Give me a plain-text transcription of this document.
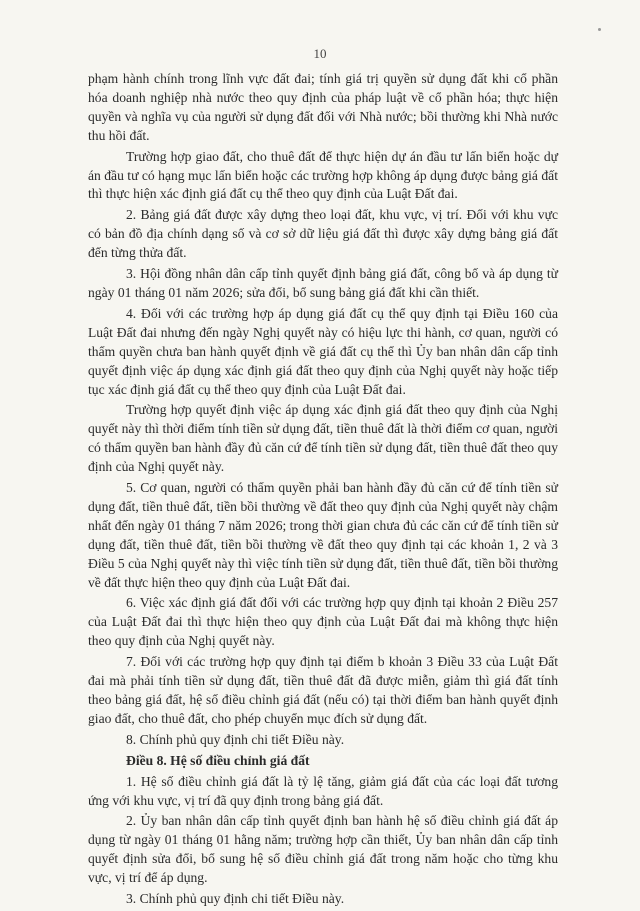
10

phạm hành chính trong lĩnh vực đất đai; tính giá trị quyền sử dụng đất khi cổ phần hóa doanh nghiệp nhà nước theo quy định của pháp luật về cổ phần hóa; thực hiện quyền và nghĩa vụ của người sử dụng đất đối với Nhà nước; bồi thường khi Nhà nước thu hồi đất.

Trường hợp giao đất, cho thuê đất để thực hiện dự án đầu tư lấn biển hoặc dự án đầu tư có hạng mục lấn biển hoặc các trường hợp không áp dụng được bảng giá đất thì thực hiện xác định giá đất cụ thể theo quy định của Luật Đất đai.

2. Bảng giá đất được xây dựng theo loại đất, khu vực, vị trí. Đối với khu vực có bản đồ địa chính dạng số và cơ sở dữ liệu giá đất thì được xây dựng bảng giá đất đến từng thửa đất.

3. Hội đồng nhân dân cấp tỉnh quyết định bảng giá đất, công bố và áp dụng từ ngày 01 tháng 01 năm 2026; sửa đổi, bổ sung bảng giá đất khi cần thiết.

4. Đối với các trường hợp áp dụng giá đất cụ thể quy định tại Điều 160 của Luật Đất đai nhưng đến ngày Nghị quyết này có hiệu lực thi hành, cơ quan, người có thẩm quyền chưa ban hành quyết định về giá đất cụ thể thì Ủy ban nhân dân cấp tỉnh quyết định việc áp dụng xác định giá đất theo quy định của Nghị quyết này hoặc tiếp tục xác định giá đất cụ thể theo quy định của Luật Đất đai.

Trường hợp quyết định việc áp dụng xác định giá đất theo quy định của Nghị quyết này thì thời điểm tính tiền sử dụng đất, tiền thuê đất là thời điểm cơ quan, người có thẩm quyền ban hành đầy đủ căn cứ để tính tiền sử dụng đất, tiền thuê đất theo quy định của Nghị quyết này.

5. Cơ quan, người có thẩm quyền phải ban hành đầy đủ căn cứ để tính tiền sử dụng đất, tiền thuê đất, tiền bồi thường về đất theo quy định của Nghị quyết này chậm nhất đến ngày 01 tháng 7 năm 2026; trong thời gian chưa đủ các căn cứ để tính tiền sử dụng đất, tiền thuê đất, tiền bồi thường về đất theo quy định tại các khoản 1, 2 và 3 Điều 5 của Nghị quyết này thì việc tính tiền sử dụng đất, tiền thuê đất, tiền bồi thường về đất thực hiện theo quy định của Luật Đất đai.

6. Việc xác định giá đất đối với các trường hợp quy định tại khoản 2 Điều 257 của Luật Đất đai thì thực hiện theo quy định của Luật Đất đai mà không thực hiện theo quy định của Nghị quyết này.

7. Đối với các trường hợp quy định tại điểm b khoản 3 Điều 33 của Luật Đất đai mà phải tính tiền sử dụng đất, tiền thuê đất đã được miễn, giảm thì giá đất tính theo bảng giá đất, hệ số điều chỉnh giá đất (nếu có) tại thời điểm ban hành quyết định giao đất, cho thuê đất, cho phép chuyển mục đích sử dụng đất.

8. Chính phủ quy định chi tiết Điều này.

Điều 8. Hệ số điều chỉnh giá đất

1. Hệ số điều chỉnh giá đất là tỷ lệ tăng, giảm giá đất của các loại đất tương ứng với khu vực, vị trí đã quy định trong bảng giá đất.

2. Ủy ban nhân dân cấp tỉnh quyết định ban hành hệ số điều chỉnh giá đất áp dụng từ ngày 01 tháng 01 hằng năm; trường hợp cần thiết, Ủy ban nhân dân cấp tỉnh quyết định sửa đổi, bổ sung hệ số điều chỉnh giá đất trong năm hoặc cho từng khu vực, vị trí để áp dụng.

3. Chính phủ quy định chi tiết Điều này.
